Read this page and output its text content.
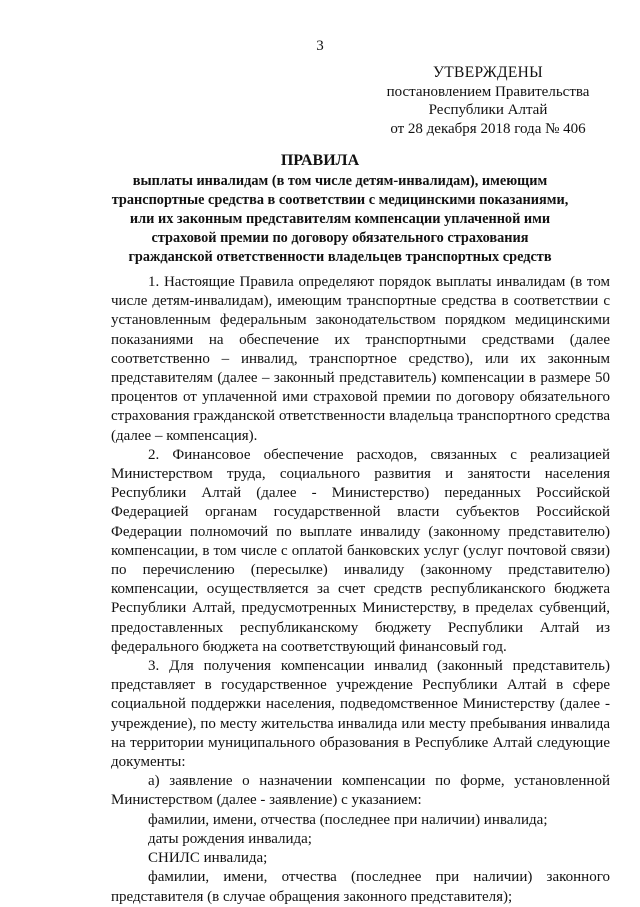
3
УТВЕРЖДЕНЫ
постановлением Правительства
Республики Алтай
от 28 декабря 2018 года № 406
ПРАВИЛА
выплаты инвалидам (в том числе детям-инвалидам), имеющим
транспортные средства в соответствии с медицинскими показаниями,
или их законным представителям компенсации уплаченной ими
страховой премии по договору обязательного страхования
гражданской ответственности владельцев транспортных средств

1. Настоящие Правила определяют порядок выплаты инвалидам (в том числе детям-инвалидам), имеющим транспортные средства в соответствии с установленным федеральным законодательством порядком медицинскими показаниями на обеспечение их транспортными средствами (далее соответственно – инвалид, транспортное средство), или их законным представителям (далее – законный представитель) компенсации в размере 50 процентов от уплаченной ими страховой премии по договору обязательного страхования гражданской ответственности владельца транспортного средства (далее – компенсация).

2. Финансовое обеспечение расходов, связанных с реализацией Министерством труда, социального развития и занятости населения Республики Алтай (далее - Министерство) переданных Российской Федерацией органам государственной власти субъектов Российской Федерации полномочий по выплате инвалиду (законному представителю) компенсации, в том числе с оплатой банковских услуг (услуг почтовой связи) по перечислению (пересылке) инвалиду (законному представителю) компенсации, осуществляется за счет средств республиканского бюджета Республики Алтай, предусмотренных Министерству, в пределах субвенций, предоставленных республиканскому бюджету Республики Алтай из федерального бюджета на соответствующий финансовый год.

3. Для получения компенсации инвалид (законный представитель) представляет в государственное учреждение Республики Алтай в сфере социальной поддержки населения, подведомственное Министерству (далее - учреждение), по месту жительства инвалида или месту пребывания инвалида на территории муниципального образования в Республике Алтай следующие документы:

а) заявление о назначении компенсации по форме, установленной Министерством (далее - заявление) с указанием:

фамилии, имени, отчества (последнее при наличии) инвалида;

даты рождения инвалида;

СНИЛС инвалида;

фамилии, имени, отчества (последнее при наличии) законного представителя (в случае обращения законного представителя);
